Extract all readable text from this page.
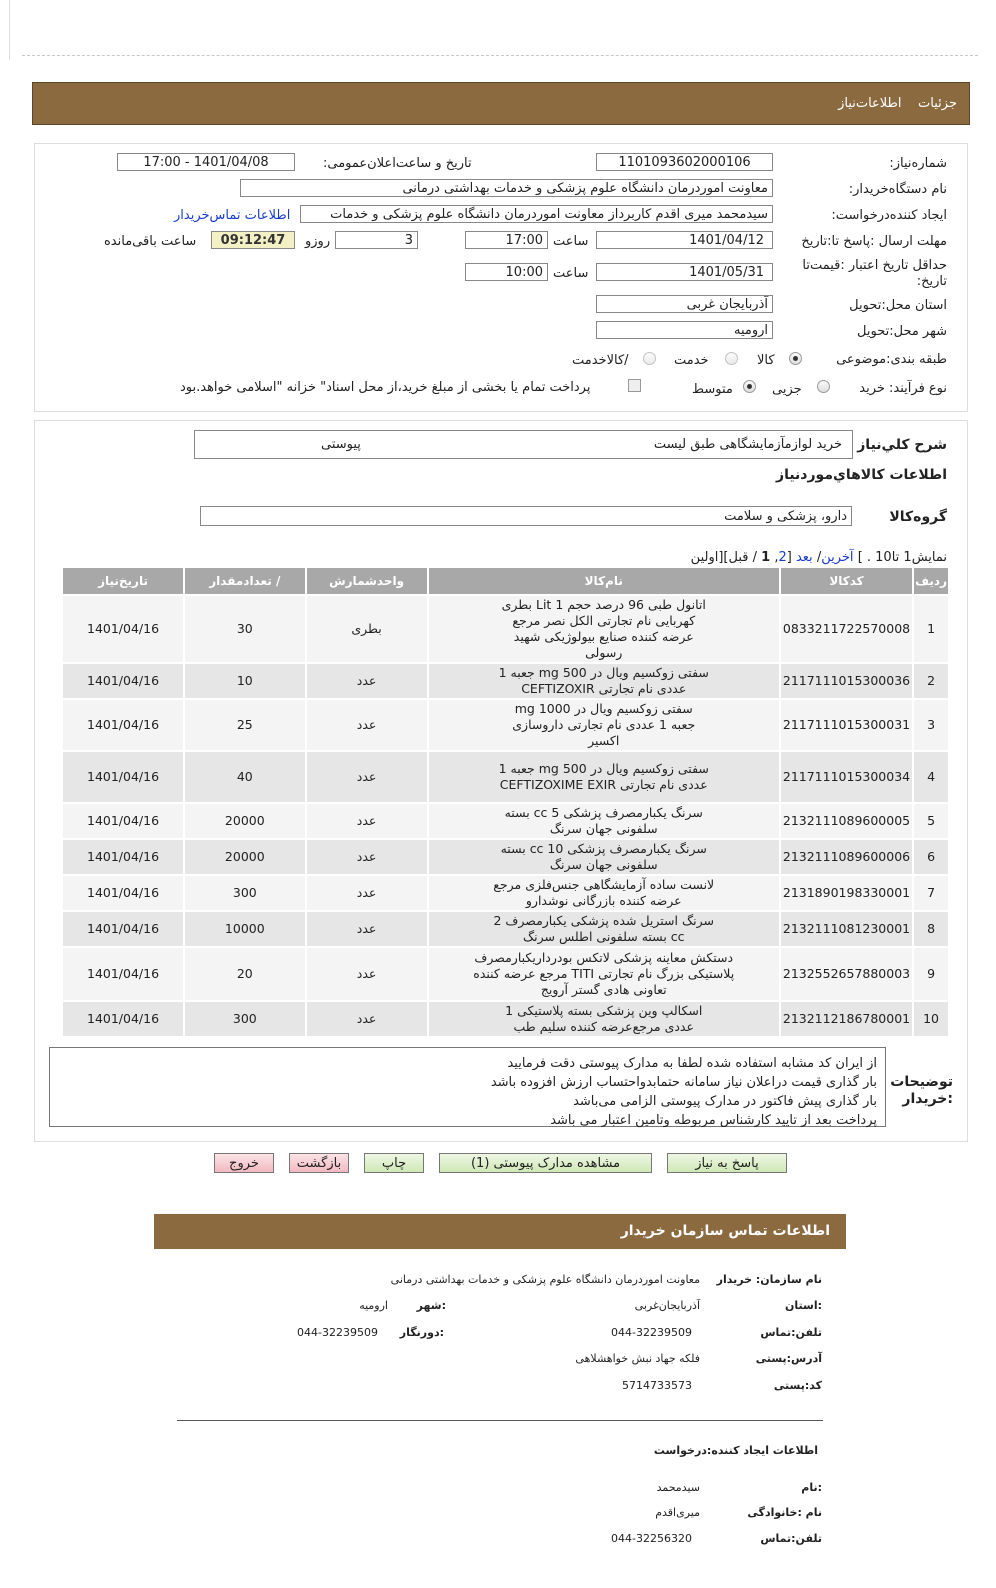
جزئیات    اطلاعات‌نیاز
شماره‌نیاز:
1101093602000106
تاریخ و ساعت‌اعلان‌عمومی:
1401/04/08 - 17:00
نام دستگاه‌خریدار:
معاونت اموردرمان دانشگاه علوم پزشکی و خدمات بهداشتی درمانی
ایجاد کننده‌درخواست:
سیدمحمد میری اقدم کاربرداز معاونت اموردرمان دانشگاه علوم پزشکی و خدمات
اطلاعات تماس‌خریدار
مهلت ارسال :پاسخ تا:تاریخ
1401/04/12
ساعت
17:00
3
روزو
09:12:47
ساعت باقی‌مانده
حداقل تاریخ اعتبار :قیمت‌تا
تاریخ:
1401/05/31
ساعت
10:00
استان محل:تحویل
آذربایجان غربی
شهر محل:تحویل
ارومیه
طبقه بندی:موضوعی
کالا
خدمت
/کالاخدمت
نوع فرآیند: خرید
جزیی
متوسط
پرداخت تمام یا بخشی از مبلغ خرید،از محل اسناد" خزانه "اسلامی خواهد.بود
شرح کلي‌نیاز
خرید لوازمآزمایشگاهی طبق لیست
پیوستی
اطلاعات کالاهاي‌موردنیاز
گروه‌کالا
دارو، پزشکی و سلامت
نمایش1 تا10 . ] آخرین/ بعد [2, 1 / قبل][اولین
ردیف	کدکالا	نام‌کالا	واحدشمارش	/ تعدادمقدار	تاریخ‌نیاز
1	0833211722570008	اتانول طبی 96 درصد حجم 1 Lit بطری کهربایی نام تجارتی الکل نصر مرجع عرضه کننده صنایع بیولوژیکی شهید رسولی	بطری	30	1401/04/16
2	2117111015300036	سفتی زوکسیم ویال در 500 mg جعبه 1 عددی نام تجارتی CEFTIZOXIR	عدد	10	1401/04/16
3	2117111015300031	سفتی زوکسیم ویال در 1000 mg جعبه 1 عددی نام تجارتی داروسازی اکسیر	عدد	25	1401/04/16
4	2117111015300034	سفتی زوکسیم ویال در 500 mg جعبه 1 عددی نام تجارتی CEFTIZOXIME EXIR	عدد	40	1401/04/16
5	2132111089600005	سرنگ یکبارمصرف پزشکی 5 cc بسته سلفونی جهان سرنگ	عدد	20000	1401/04/16
6	2132111089600006	سرنگ یکبارمصرف پزشکی 10 cc بسته سلفونی جهان سرنگ	عدد	20000	1401/04/16
7	2131890198330001	لانست ساده آزمایشگاهی جنس‌فلزی مرجع عرضه کننده بازرگانی نوشدارو	عدد	300	1401/04/16
8	2132111081230001	سرنگ استریل شده پزشکی یکبارمصرف 2 cc بسته سلفونی اطلس سرنگ	عدد	10000	1401/04/16
9	2132552657880003	دستکش معاینه پزشکی لاتکس بودرداریکبارمصرف پلاستیکی بزرگ نام تجارتی TITI مرجع عرضه کننده تعاونی هادی گستر آرویج	عدد	20	1401/04/16
10	2132112186780001	اسکالپ وین پزشکی بسته پلاستیکی 1 عددی مرجع‌عرضه کننده سلیم طب	عدد	300	1401/04/16
توضیحات
:خریدار
از ایران کد مشابه استفاده شده لطفا به مدارک پیوستی دقت فرمایید
بار گذاری قیمت دراعلان نیاز سامانه حتمابدواحتساب ارزش افزوده باشد
بار گذاری پیش فاکتور در مدارک پیوستی الزامی می‌باشد
پرداخت بعد از تایید کارشناس مربوطه وتامین اعتبار می باشد
پاسخ به نیاز
مشاهده مدارک پیوستی (1)
چاپ
بازگشت
خروج
اطلاعات تماس سازمان‌ خریدار
نام سازمان: خریدار
معاونت اموردرمان دانشگاه علوم پزشکی و خدمات بهداشتی درمانی
:استان
آذربایجان‌غربی
:شهر
ارومیه
تلفن:تماس
044-32239509
:دورنگار
044-32239509
آدرس:پستی
فلکه جهاد نبش خواهشلاهی
کد:پستی
5714733573
اطلاعات ایجاد کننده:درخواست
:نام
سیدمحمد
نام :خانوادگی
میری‌اقدم
تلفن:تماس
044-32256320
